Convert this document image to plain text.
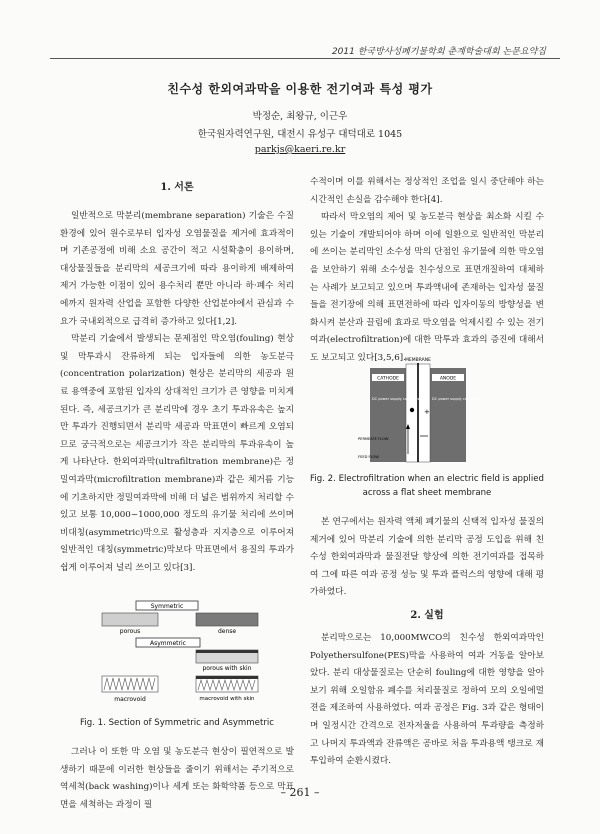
2011 한국방사성폐기물학회 춘계학술대회 논문요약집
친수성 한외여과막을 이용한 전기여과 특성 평가
박정순, 최왕규, 이근우
한국원자력연구원, 대전시 유성구 대덕대로 1045
parkjs@kaeri.re.kr
1. 서론

일반적으로 막분리(membrane separation) 기술은 수질환경에 있어 원수로부터 입자성 오염물질을 제거에 효과적이며 기존공정에 비해 소요 공간이 적고 시설확충이 용이하며, 대상물질들을 분리막의 세공크기에 따라 용이하게 배제하여 제거 가능한 이점이 있어 용수처리 뿐만 아니라 하·폐수 처리에까지 원자력 산업을 포함한 다양한 산업분야에서 관심과 수요가 국내외적으로 급격히 증가하고 있다[1,2].

막분리 기술에서 발생되는 문제점인 막오염(fouling) 현상 및 막투과시 잔류하게 되는 입자들에 의한 농도분극(concentration polarization) 현상은 분리막의 세공과 원료 용액중에 포함된 입자의 상대적인 크기가 큰 영향을 미치게 된다. 즉, 세공크기가 큰 분리막에 경우 초기 투과유속은 높지만 투과가 진행되면서 분리막 세공과 막표면이 빠르게 오염되므로 궁극적으로는 세공크기가 작은 분리막의 투과유속이 높게 나타난다. 한외여과막(ultrafiltration membrane)은 정밀여과막(microfiltration membrane)과 같은 체거름 기능에 기초하지만 정밀여과막에 비해 더 넓은 범위까지 처리할 수 있고 보통 10,000~1000,000 정도의 유기물 처리에 쓰이며 비대칭(asymmetric)막으로 활성층과 지지층으로 이루어져 일반적인 대칭(symmetric)막보다 막표면에서 용질의 투과가 쉽게 이루어져 널리 쓰이고 있다[3].

Symmetric
porous	dense
Asymmetric
porous with skin
macrovoid	macrovoid with skin
Fig. 1. Section of Symmetric and Asymmetric

그러나 이 또한 막 오염 및 농도분극 현상이 필연적으로 발생하기 때문에 이러한 현상들을 줄이기 위해서는 주기적으로 역세척(back washing)이나 세게 또는 화학약품 등으로 막표면을 세척하는 과정이 필

수적이며 이를 위해서는 정상적인 조업을 일시 중단해야 하는 시간적인 손실을 감수해야 한다[4].

따라서 막오염의 제어 및 농도분극 현상을 최소화 시킬 수 있는 기술이 개발되어야 하며 이에 일환으로 일반적인 막분리에 쓰이는 분리막인 소수성 막의 단점인 유기물에 의한 막오염을 보안하기 위해 소수성을 친수성으로 표면개질하여 대체하는 사례가 보고되고 있으며 투과액내에 존재하는 입자성 물질들을 전기장에 의해 표면전하에 따라 입자이동의 방향성을 변화시켜 분산과 끌림에 효과로 막오염을 억제시킬 수 있는 전기여과(electrofiltration)에 대한 막투과 효과의 증진에 대해서도 보고되고 있다[3,5,6]. MEMBRANE
CATHODE	ANODE
DC power supply connection	DC power supply connection
+
PERMEATE FLOW
FEED FLOW
Fig. 2. Electrofiltration when an electric field is applied
across a flat sheet membrane

본 연구에서는 원자력 액체 폐기물의 신택적 입자성 물질의 제거에 있어 막분리 기술에 의한 분리막 공정 도입을 위해 친수성 한외여과막과 물질전달 향상에 의한 전기여과를 접목하여 그에 따른 여과 공정 성능 및 투과 플럭스의 영향에 대해 평가하였다.

2. 실험

분리막으로는 10,000MWCO의 친수성 한외여과막인 Polyethersulfone(PES)막을 사용하여 여과 거동을 알아보았다. 분리 대상물질로는 단순히 fouling에 대한 영향을 알아보기 위해 오일함유 폐수를 처리물질로 정하여 모의 오일에멀젼을 제조하여 사용하였다. 여과 공정은 Fig. 3과 같은 형태이며 일정시간 간격으로 전자저울을 사용하여 투과량을 측정하고 나머지 투과액과 잔류액은 공바로 처음 투과용액 탱크로 재투입하여 순환시켰다.

– 261 –
